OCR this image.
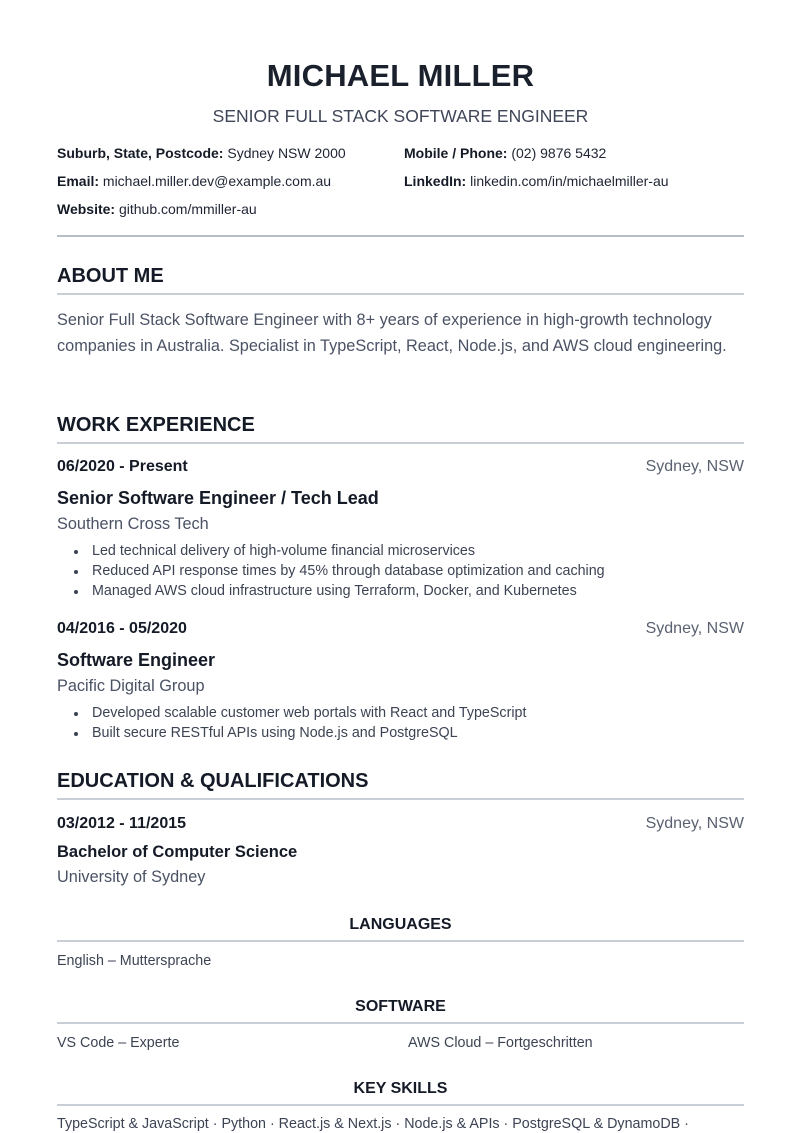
MICHAEL MILLER
SENIOR FULL STACK SOFTWARE ENGINEER
Suburb, State, Postcode: Sydney NSW 2000	Mobile / Phone: (02) 9876 5432
Email: michael.miller.dev@example.com.au	LinkedIn: linkedin.com/in/michaelmiller-au
Website: github.com/mmiller-au
ABOUT ME
Senior Full Stack Software Engineer with 8+ years of experience in high-growth technology companies in Australia. Specialist in TypeScript, React, Node.js, and AWS cloud engineering.
WORK EXPERIENCE
06/2020 - Present	Sydney, NSW
Senior Software Engineer / Tech Lead
Southern Cross Tech
Led technical delivery of high-volume financial microservices
Reduced API response times by 45% through database optimization and caching
Managed AWS cloud infrastructure using Terraform, Docker, and Kubernetes
04/2016 - 05/2020	Sydney, NSW
Software Engineer
Pacific Digital Group
Developed scalable customer web portals with React and TypeScript
Built secure RESTful APIs using Node.js and PostgreSQL
EDUCATION & QUALIFICATIONS
03/2012 - 11/2015	Sydney, NSW
Bachelor of Computer Science
University of Sydney
LANGUAGES
English – Muttersprache
SOFTWARE
VS Code – Experte	AWS Cloud – Fortgeschritten
KEY SKILLS
TypeScript & JavaScript · Python · React.js & Next.js · Node.js & APIs · PostgreSQL & DynamoDB ·
